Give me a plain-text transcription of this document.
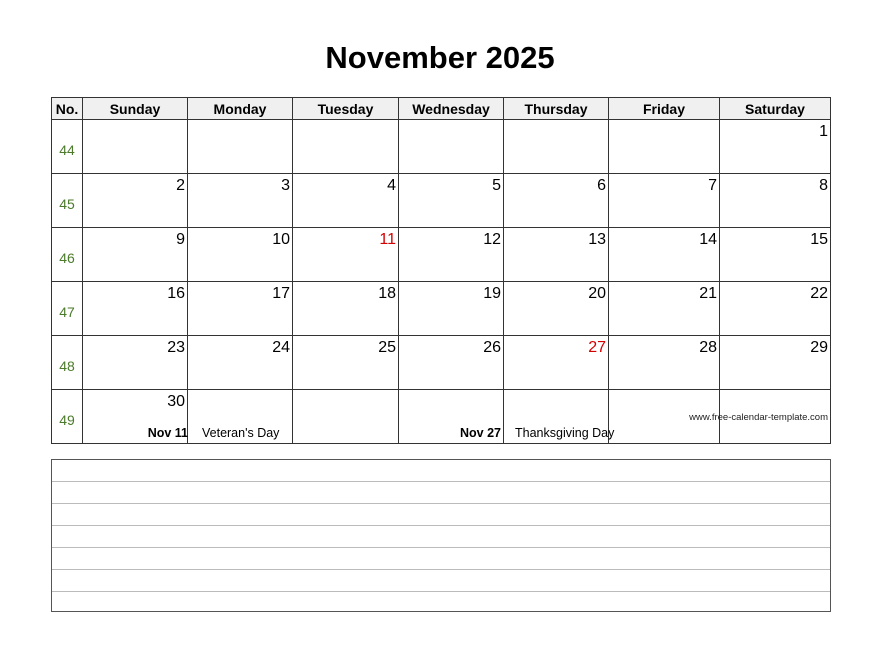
November 2025
No.	Sunday	Monday	Tuesday	Wednesday	Thursday	Friday	Saturday
44							1
45	2	3	4	5	6	7	8
46	9	10	11	12	13	14	15
47	16	17	18	19	20	21	22
48	23	24	25	26	27	28	29
49	30						
www.free-calendar-template.com
Nov 11 Veteran's Day	Nov 27 Thanksgiving Day
